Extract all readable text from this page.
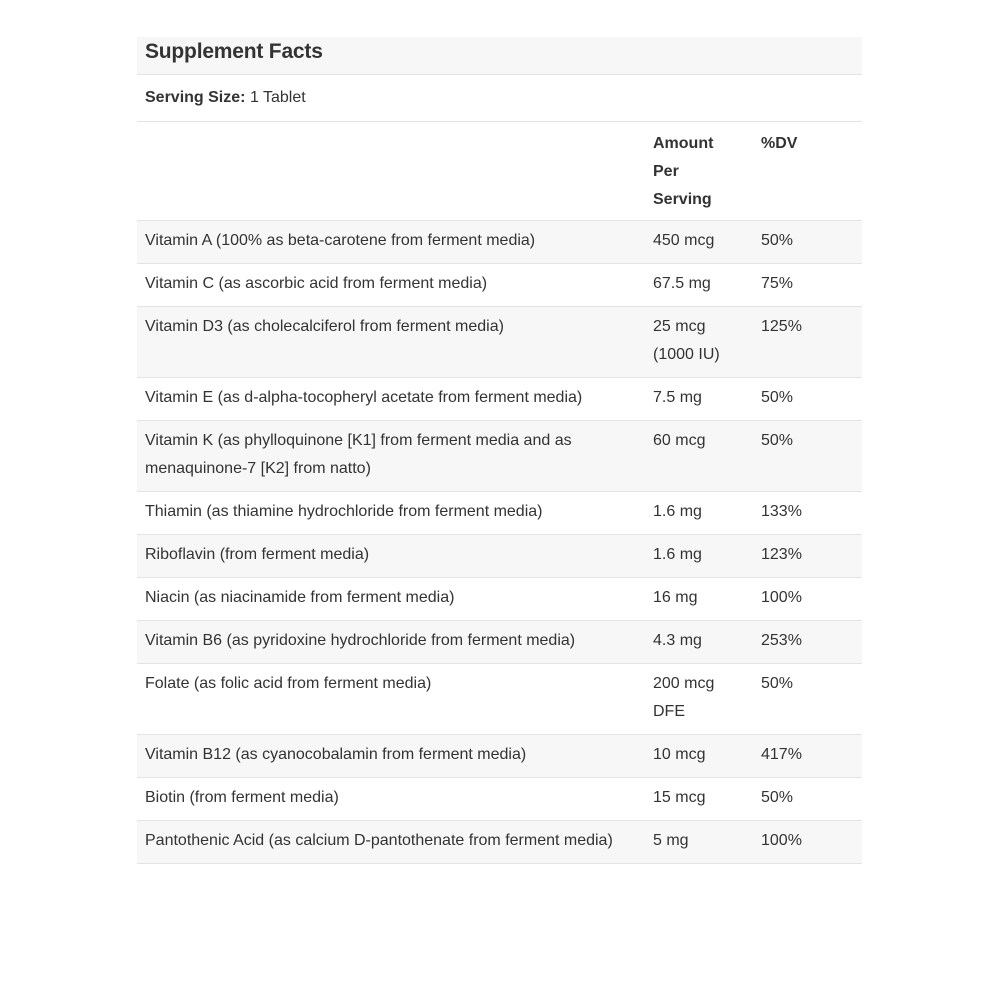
Supplement Facts
Serving Size: 1 Tablet
	Amount Per Serving	%DV
Vitamin A (100% as beta-carotene from ferment media)	450 mcg	50%
Vitamin C (as ascorbic acid from ferment media)	67.5 mg	75%
Vitamin D3 (as cholecalciferol from ferment media)	25 mcg (1000 IU)	125%
Vitamin E (as d-alpha-tocopheryl acetate from ferment media)	7.5 mg	50%
Vitamin K (as phylloquinone [K1] from ferment media and as menaquinone-7 [K2] from natto)	60 mcg	50%
Thiamin (as thiamine hydrochloride from ferment media)	1.6 mg	133%
Riboflavin (from ferment media)	1.6 mg	123%
Niacin (as niacinamide from ferment media)	16 mg	100%
Vitamin B6 (as pyridoxine hydrochloride from ferment media)	4.3 mg	253%
Folate (as folic acid from ferment media)	200 mcg DFE	50%
Vitamin B12 (as cyanocobalamin from ferment media)	10 mcg	417%
Biotin (from ferment media)	15 mcg	50%
Pantothenic Acid (as calcium D-pantothenate from ferment media)	5 mg	100%
